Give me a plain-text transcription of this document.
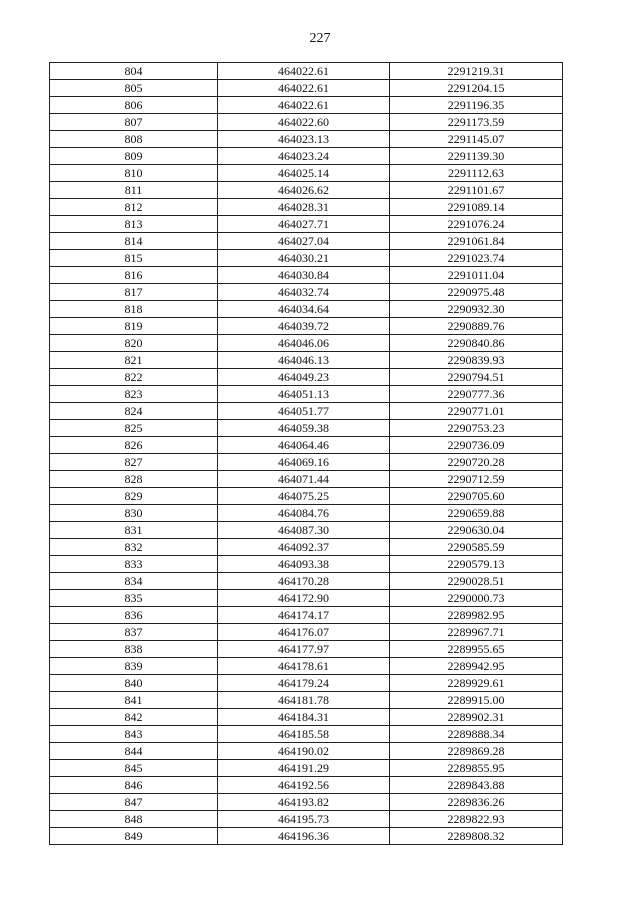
227
804	464022.61	2291219.31
805	464022.61	2291204.15
806	464022.61	2291196.35
807	464022.60	2291173.59
808	464023.13	2291145.07
809	464023.24	2291139.30
810	464025.14	2291112.63
811	464026.62	2291101.67
812	464028.31	2291089.14
813	464027.71	2291076.24
814	464027.04	2291061.84
815	464030.21	2291023.74
816	464030.84	2291011.04
817	464032.74	2290975.48
818	464034.64	2290932.30
819	464039.72	2290889.76
820	464046.06	2290840.86
821	464046.13	2290839.93
822	464049.23	2290794.51
823	464051.13	2290777.36
824	464051.77	2290771.01
825	464059.38	2290753.23
826	464064.46	2290736.09
827	464069.16	2290720.28
828	464071.44	2290712.59
829	464075.25	2290705.60
830	464084.76	2290659.88
831	464087.30	2290630.04
832	464092.37	2290585.59
833	464093.38	2290579.13
834	464170.28	2290028.51
835	464172.90	2290000.73
836	464174.17	2289982.95
837	464176.07	2289967.71
838	464177.97	2289955.65
839	464178.61	2289942.95
840	464179.24	2289929.61
841	464181.78	2289915.00
842	464184.31	2289902.31
843	464185.58	2289888.34
844	464190.02	2289869.28
845	464191.29	2289855.95
846	464192.56	2289843.88
847	464193.82	2289836.26
848	464195.73	2289822.93
849	464196.36	2289808.32
